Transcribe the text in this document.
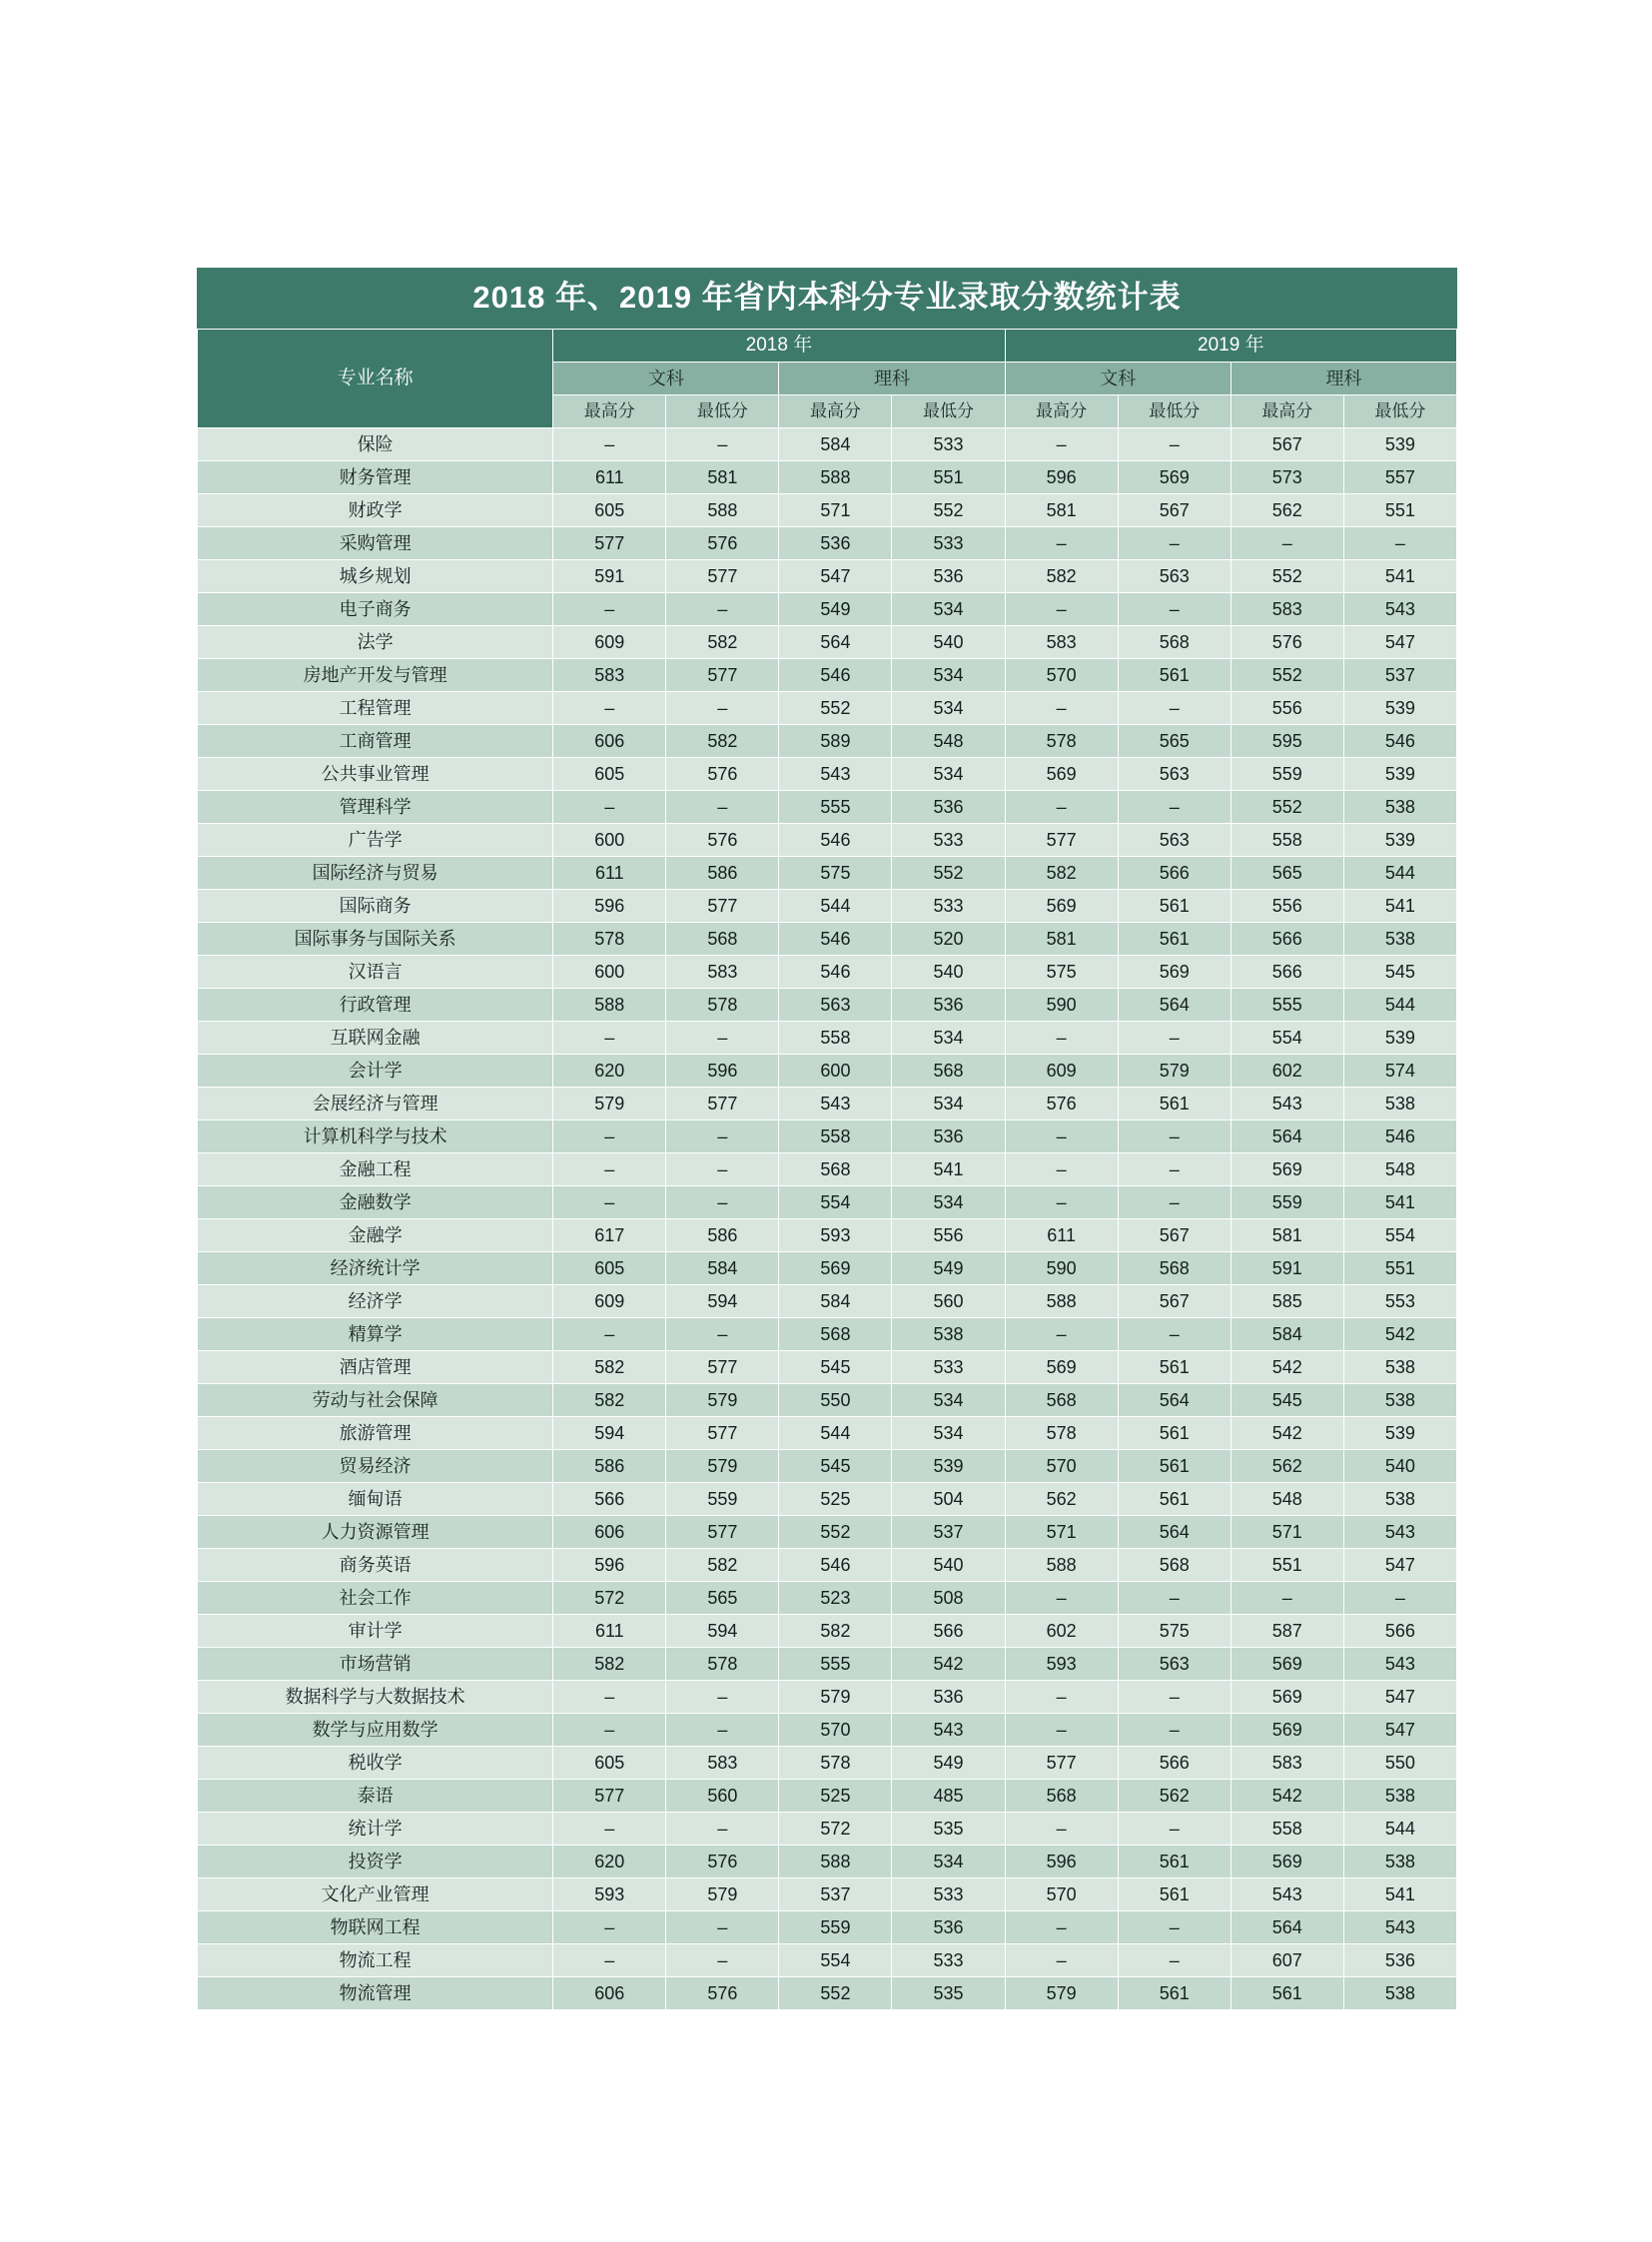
2018 年、2019 年省内本科分专业录取分数统计表
专业名称	2018 年				2019 年			
	文科		理科		文科		理科	
	最高分	最低分	最高分	最低分	最高分	最低分	最高分	最低分
保险	–	–	584	533	–	–	567	539
财务管理	611	581	588	551	596	569	573	557
财政学	605	588	571	552	581	567	562	551
采购管理	577	576	536	533	–	–	–	–
城乡规划	591	577	547	536	582	563	552	541
电子商务	–	–	549	534	–	–	583	543
法学	609	582	564	540	583	568	576	547
房地产开发与管理	583	577	546	534	570	561	552	537
工程管理	–	–	552	534	–	–	556	539
工商管理	606	582	589	548	578	565	595	546
公共事业管理	605	576	543	534	569	563	559	539
管理科学	–	–	555	536	–	–	552	538
广告学	600	576	546	533	577	563	558	539
国际经济与贸易	611	586	575	552	582	566	565	544
国际商务	596	577	544	533	569	561	556	541
国际事务与国际关系	578	568	546	520	581	561	566	538
汉语言	600	583	546	540	575	569	566	545
行政管理	588	578	563	536	590	564	555	544
互联网金融	–	–	558	534	–	–	554	539
会计学	620	596	600	568	609	579	602	574
会展经济与管理	579	577	543	534	576	561	543	538
计算机科学与技术	–	–	558	536	–	–	564	546
金融工程	–	–	568	541	–	–	569	548
金融数学	–	–	554	534	–	–	559	541
金融学	617	586	593	556	611	567	581	554
经济统计学	605	584	569	549	590	568	591	551
经济学	609	594	584	560	588	567	585	553
精算学	–	–	568	538	–	–	584	542
酒店管理	582	577	545	533	569	561	542	538
劳动与社会保障	582	579	550	534	568	564	545	538
旅游管理	594	577	544	534	578	561	542	539
贸易经济	586	579	545	539	570	561	562	540
缅甸语	566	559	525	504	562	561	548	538
人力资源管理	606	577	552	537	571	564	571	543
商务英语	596	582	546	540	588	568	551	547
社会工作	572	565	523	508	–	–	–	–
审计学	611	594	582	566	602	575	587	566
市场营销	582	578	555	542	593	563	569	543
数据科学与大数据技术	–	–	579	536	–	–	569	547
数学与应用数学	–	–	570	543	–	–	569	547
税收学	605	583	578	549	577	566	583	550
泰语	577	560	525	485	568	562	542	538
统计学	–	–	572	535	–	–	558	544
投资学	620	576	588	534	596	561	569	538
文化产业管理	593	579	537	533	570	561	543	541
物联网工程	–	–	559	536	–	–	564	543
物流工程	–	–	554	533	–	–	607	536
物流管理	606	576	552	535	579	561	561	538
